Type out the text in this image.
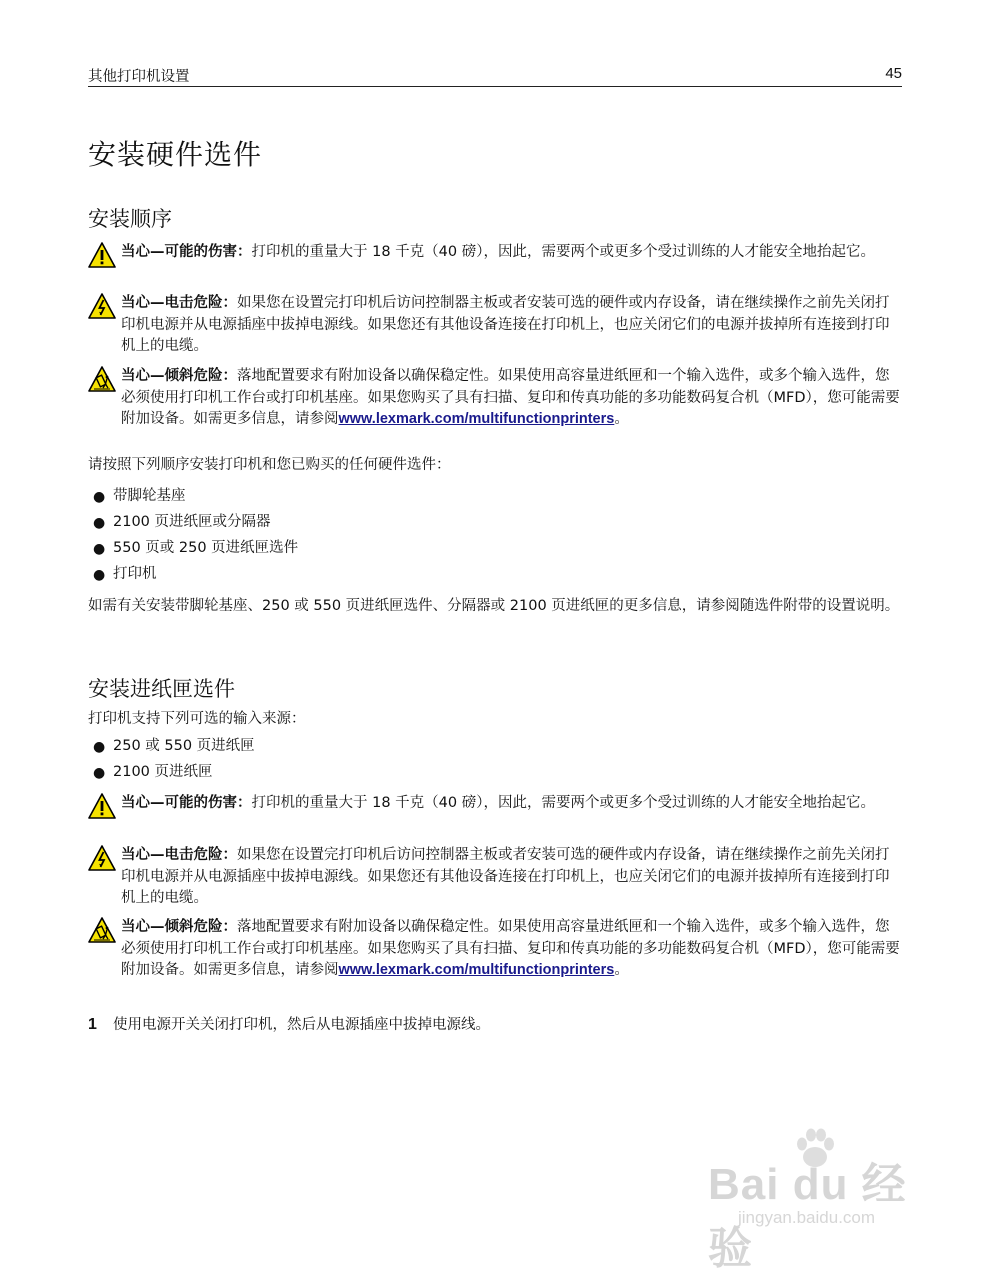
其他打印机设置	45
安装硬件选件
安装顺序
当心—可能的伤害：打印机的重量大于 18 千克（40 磅），因此，需要两个或更多个受过训练的人才能安全地抬起它。
当心—电击危险：如果您在设置完打印机后访问控制器主板或者安装可选的硬件或内存设备，请在继续操作之前先关闭打印机电源并从电源插座中拔掉电源线。如果您还有其他设备连接在打印机上，也应关闭它们的电源并拔掉所有连接到打印机上的电缆。
当心—倾斜危险：落地配置要求有附加设备以确保稳定性。如果使用高容量进纸匣和一个输入选件，或多个输入选件，您必须使用打印机工作台或打印机基座。如果您购买了具有扫描、复印和传真功能的多功能数码复合机（MFD），您可能需要附加设备。如需更多信息，请参阅www.lexmark.com/multifunctionprinters。

请按照下列顺序安装打印机和您已购买的任何硬件选件：

● 带脚轮基座
● 2100 页进纸匣或分隔器
● 550 页或 250 页进纸匣选件
● 打印机

如需有关安装带脚轮基座、250 或 550 页进纸匣选件、分隔器或 2100 页进纸匣的更多信息，请参阅随选件附带的设置说明。

安装进纸匣选件

打印机支持下列可选的输入来源：

● 250 或 550 页进纸匣
● 2100 页进纸匣
当心—可能的伤害：打印机的重量大于 18 千克（40 磅），因此，需要两个或更多个受过训练的人才能安全地抬起它。
当心—电击危险：如果您在设置完打印机后访问控制器主板或者安装可选的硬件或内存设备，请在继续操作之前先关闭打印机电源并从电源插座中拔掉电源线。如果您还有其他设备连接在打印机上，也应关闭它们的电源并拔掉所有连接到打印机上的电缆。
当心—倾斜危险：落地配置要求有附加设备以确保稳定性。如果使用高容量进纸匣和一个输入选件，或多个输入选件，您必须使用打印机工作台或打印机基座。如果您购买了具有扫描、复印和传真功能的多功能数码复合机（MFD），您可能需要附加设备。如需更多信息，请参阅www.lexmark.com/multifunctionprinters。
1 使用电源开关关闭打印机，然后从电源插座中拔掉电源线。
Bai du 经验
jingyan.baidu.com
